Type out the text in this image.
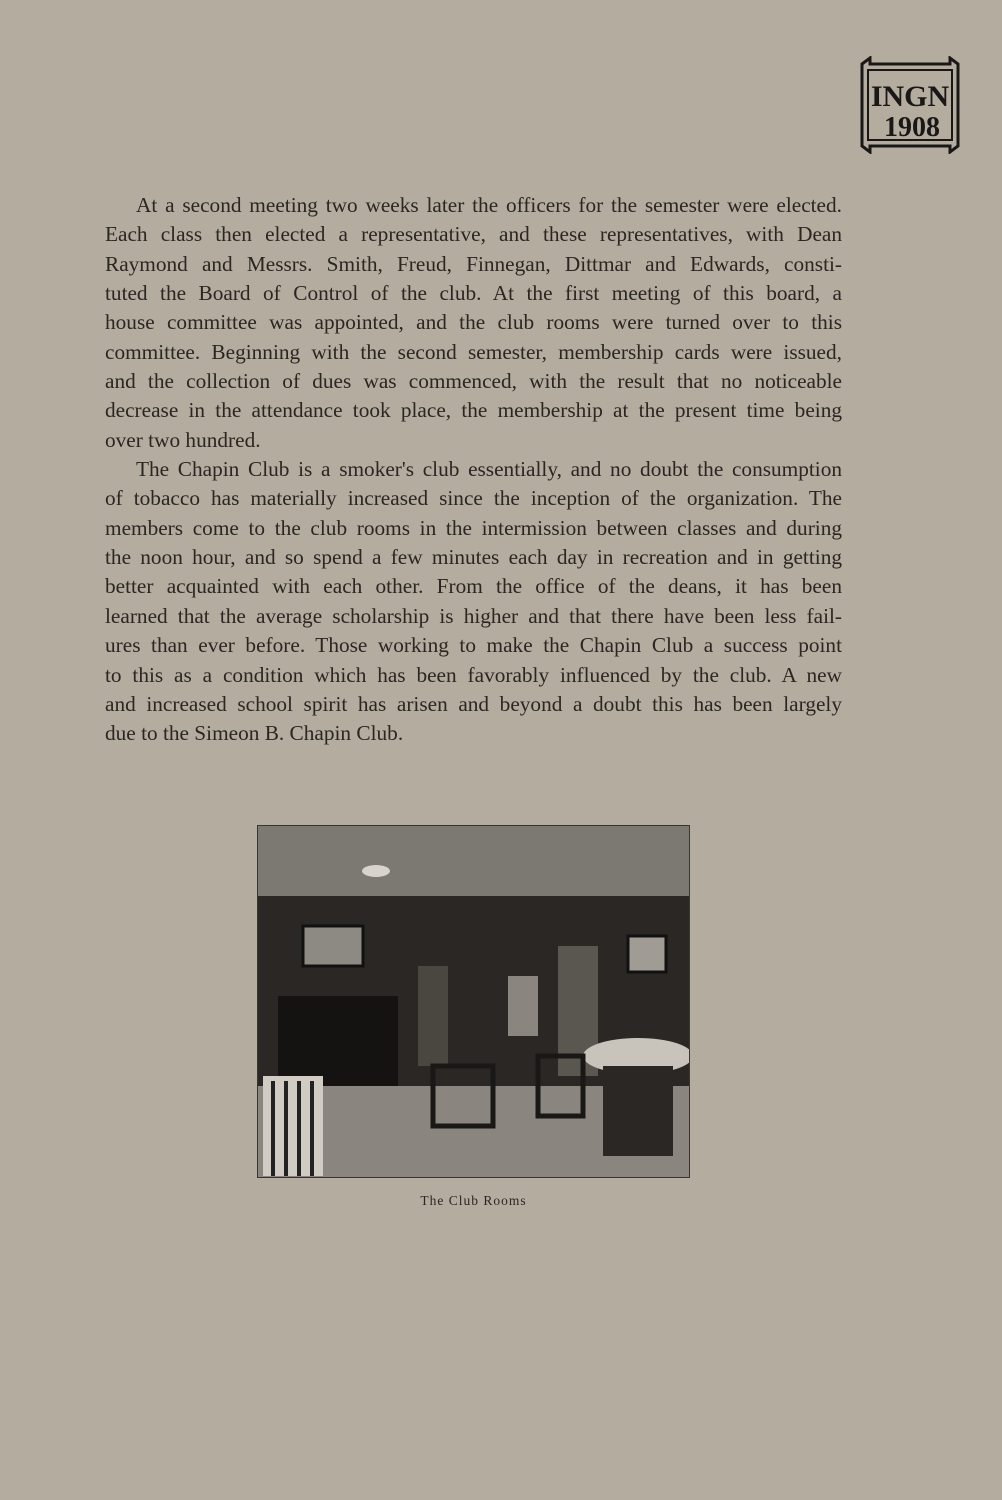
INGN
1908
At a second meeting two weeks later the officers for the semester were elected.
Each class then elected a representative, and these representatives, with Dean
Raymond and Messrs. Smith, Freud, Finnegan, Dittmar and Edwards, consti-
tuted the Board of Control of the club. At the first meeting of this board, a
house committee was appointed, and the club rooms were turned over to this
committee. Beginning with the second semester, membership cards were issued,
and the collection of dues was commenced, with the result that no noticeable
decrease in the attendance took place, the membership at the present time being
over two hundred.
The Chapin Club is a smoker's club essentially, and no doubt the consumption
of tobacco has materially increased since the inception of the organization. The
members come to the club rooms in the intermission between classes and during
the noon hour, and so spend a few minutes each day in recreation and in getting
better acquainted with each other. From the office of the deans, it has been
learned that the average scholarship is higher and that there have been less fail-
ures than ever before. Those working to make the Chapin Club a success point
to this as a condition which has been favorably influenced by the club. A new
and increased school spirit has arisen and beyond a doubt this has been largely
due to the Simeon B. Chapin Club.
The Club Rooms
